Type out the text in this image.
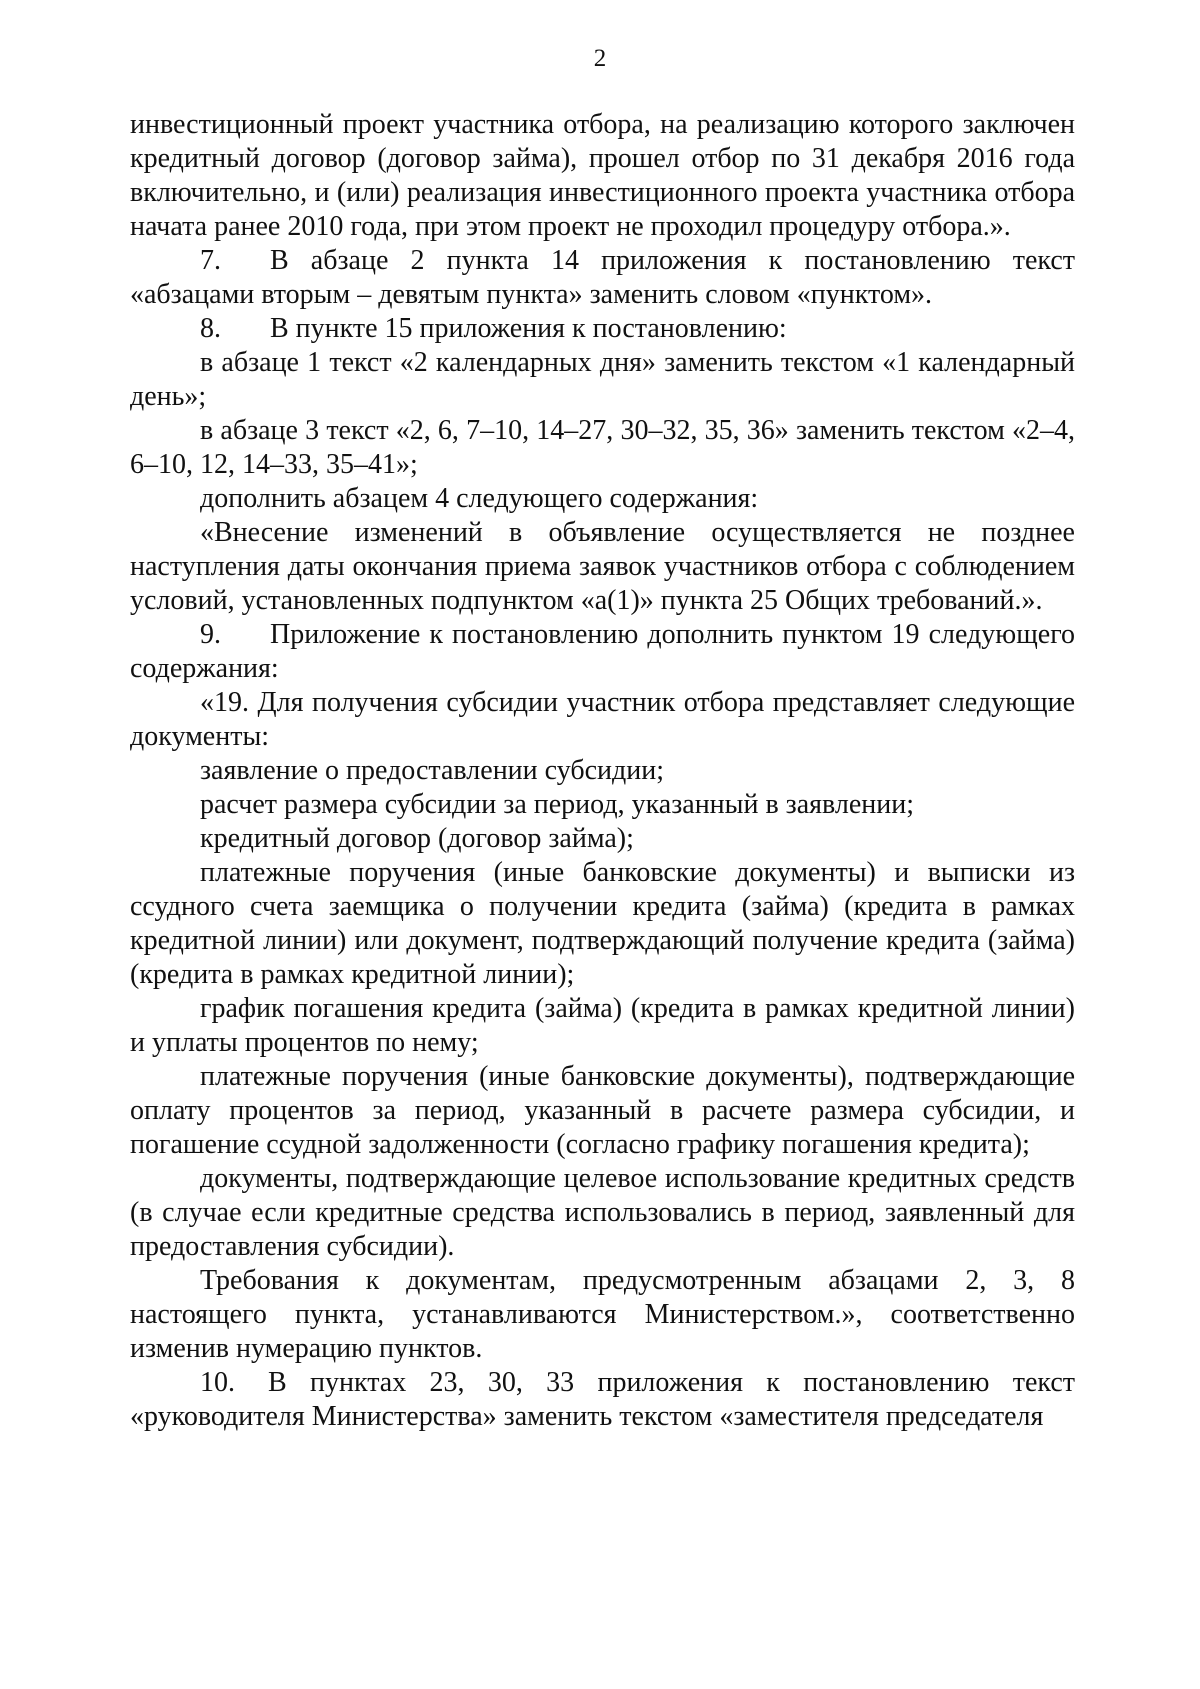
2

инвестиционный проект участника отбора, на реализацию которого заключен кредитный договор (договор займа), прошел отбор по 31 декабря 2016 года включительно, и (или) реализация инвестиционного проекта участника отбора начата ранее 2010 года, при этом проект не проходил процедуру отбора.».

7. В абзаце 2 пункта 14 приложения к постановлению текст «абзацами вторым – девятым пункта» заменить словом «пунктом».

8. В пункте 15 приложения к постановлению:

в абзаце 1 текст «2 календарных дня» заменить текстом «1 календарный день»;

в абзаце 3 текст «2, 6, 7–10, 14–27, 30–32, 35, 36» заменить текстом «2–4, 6–10, 12, 14–33, 35–41»;

дополнить абзацем 4 следующего содержания:

«Внесение изменений в объявление осуществляется не позднее наступления даты окончания приема заявок участников отбора с соблюдением условий, установленных подпунктом «а(1)» пункта 25 Общих требований.».

9. Приложение к постановлению дополнить пунктом 19 следующего содержания:

«19. Для получения субсидии участник отбора представляет следующие документы:

заявление о предоставлении субсидии;

расчет размера субсидии за период, указанный в заявлении;

кредитный договор (договор займа);

платежные поручения (иные банковские документы) и выписки из ссудного счета заемщика о получении кредита (займа) (кредита в рамках кредитной линии) или документ, подтверждающий получение кредита (займа) (кредита в рамках кредитной линии);

график погашения кредита (займа) (кредита в рамках кредитной линии) и уплаты процентов по нему;

платежные поручения (иные банковские документы), подтверждающие оплату процентов за период, указанный в расчете размера субсидии, и погашение ссудной задолженности (согласно графику погашения кредита);

документы, подтверждающие целевое использование кредитных средств (в случае если кредитные средства использовались в период, заявленный для предоставления субсидии).

Требования к документам, предусмотренным абзацами 2, 3, 8 настоящего пункта, устанавливаются Министерством.», соответственно изменив нумерацию пунктов.

10. В пунктах 23, 30, 33 приложения к постановлению текст «руководителя Министерства» заменить текстом «заместителя председателя
